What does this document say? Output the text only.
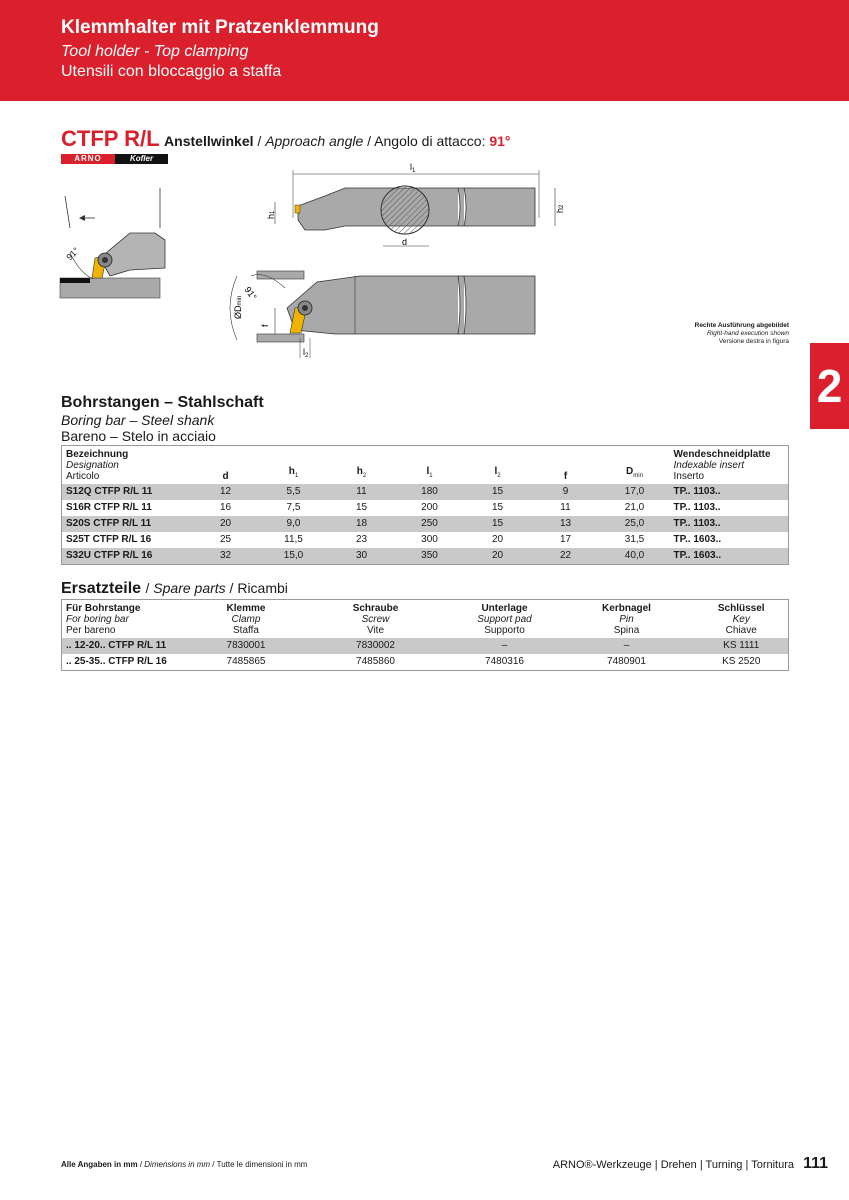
Klemmhalter mit Pratzenklemmung
Tool holder - Top clamping
Utensili con bloccaggio a staffa
CTFP R/L Anstellwinkel / Approach angle / Angolo di attacco: 91°
ARNO	Kofler
91°
$l_1$
d
h2
h1
$l_2$
ØDmin
f
91°
Rechte Ausführung abgebildet
Right-hand execution shown
Versione destra in figura
2
Bohrstangen – Stahlschaft
Boring bar – Steel shank
Bareno – Stelo in acciaio
Bezeichnung
Designation
Articolo	d	$h_1$	$h_2$	$l_1$	$l_2$	f	$D_{min}$	Wendeschneidplatte
Indexable insert
Inserto

S12Q CTFP R/L 11	12	5,5	11	180	15	9	17,0	TP.. 1103..
S16R CTFP R/L 11	16	7,5	15	200	15	11	21,0	TP.. 1103..
S20S CTFP R/L 11	20	9,0	18	250	15	13	25,0	TP.. 1103..
S25T CTFP R/L 16	25	11,5	23	300	20	17	31,5	TP.. 1603..
S32U CTFP R/L 16	32	15,0	30	350	20	22	40,0	TP.. 1603..
Ersatzteile / Spare parts / Ricambi
Für Bohrstange
For boring bar
Per bareno	Klemme
Clamp
Staffa	Schraube
Screw
Vite	Unterlage
Support pad
Supporto	Kerbnagel
Pin
Spina	Schlüssel
Key
Chiave

.. 12-20.. CTFP R/L 11	7830001	7830002	–	–	KS 1111
.. 25-35.. CTFP R/L 16	7485865	7485860	7480316	7480901	KS 2520
Alle Angaben in mm / Dimensions in mm / Tutte le dimensioni in mm	ARNO®-Werkzeuge | Drehen | Turning | Tornitura 111
